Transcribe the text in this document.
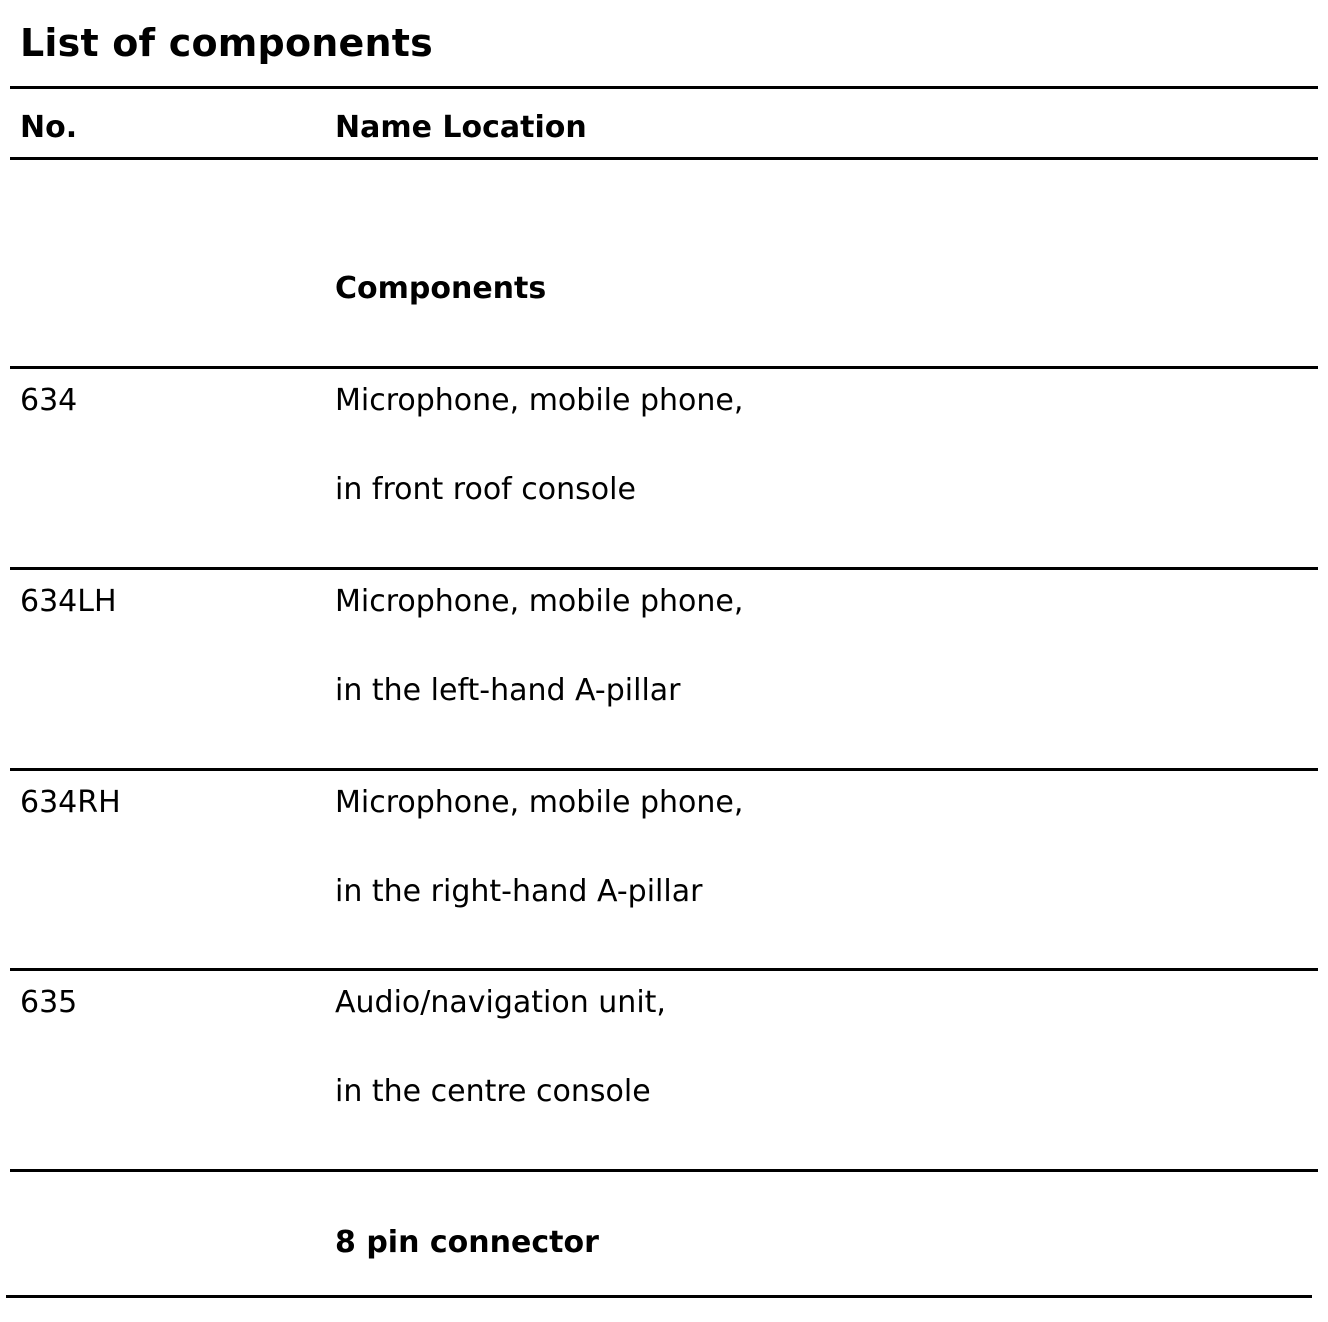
List of components
No.	Name Location
Components
634	Microphone, mobile phone,
in front roof console
634LH	Microphone, mobile phone,
in the left-hand A-pillar
634RH	Microphone, mobile phone,
in the right-hand A-pillar
635	Audio/navigation unit,
in the centre console
8 pin connector
